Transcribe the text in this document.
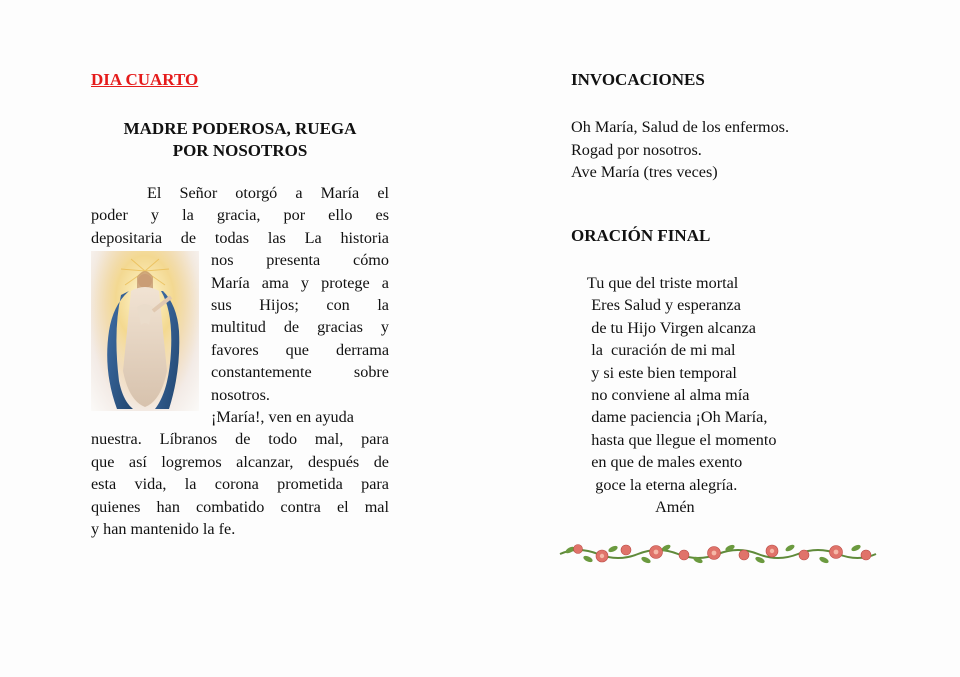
DIA CUARTO
MADRE PODEROSA, RUEGA
POR NOSOTROS
El Señor otorgó a María el
poder y la gracia, por ello es
depositaria de todas las La historia
nos presenta cómo
María ama y protege a
sus Hijos; con la
multitud de gracias y
favores que derrama
constantemente sobre
nosotros.
¡María!, ven en ayuda
nuestra. Líbranos de todo mal, para
que así logremos alcanzar, después de
esta vida, la corona prometida para
quienes han combatido contra el mal
y han mantenido la fe.
INVOCACIONES
Oh María, Salud de los enfermos.
Rogad por nosotros.
Ave María (tres veces)
ORACIÓN FINAL
Tu que del triste mortal
Eres Salud y esperanza
de tu Hijo Virgen alcanza
la  curación de mi mal
y si este bien temporal
no conviene al alma mía
dame paciencia ¡Oh María,
hasta que llegue el momento
en que de males exento
goce la eterna alegría.
Amén
